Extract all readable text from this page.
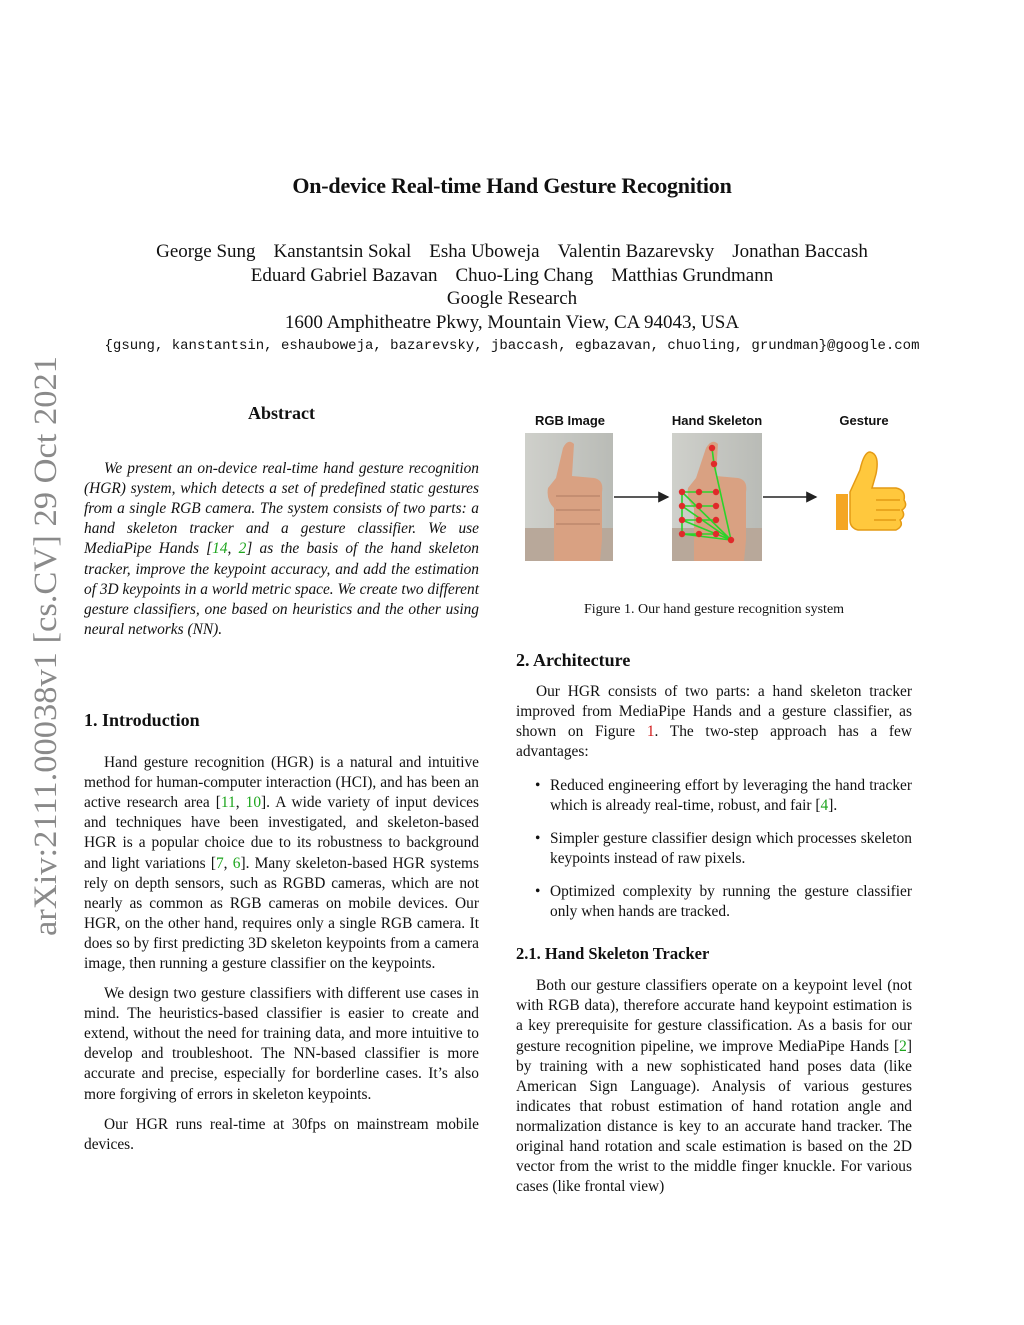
arXiv:2111.00038v1 [cs.CV] 29 Oct 2021
On-device Real-time Hand Gesture Recognition
George Sung Kanstantsin Sokal Esha Uboweja Valentin Bazarevsky Jonathan Baccash
Eduard Gabriel Bazavan Chuo-Ling Chang Matthias Grundmann
Google Research
1600 Amphitheatre Pkwy, Mountain View, CA 94043, USA
{gsung, kanstantsin, eshauboweja, bazarevsky, jbaccash, egbazavan, chuoling, grundman}@google.com
Abstract

We present an on-device real-time hand gesture recognition (HGR) system, which detects a set of predefined static gestures from a single RGB camera. The system consists of two parts: a hand skeleton tracker and a gesture classifier. We use MediaPipe Hands [14, 2] as the basis of the hand skeleton tracker, improve the keypoint accuracy, and add the estimation of 3D keypoints in a world metric space. We create two different gesture classifiers, one based on heuristics and the other using neural networks (NN).

1. Introduction

Hand gesture recognition (HGR) is a natural and intuitive method for human-computer interaction (HCI), and has been an active research area [11, 10]. A wide variety of input devices and techniques have been investigated, and skeleton-based HGR is a popular choice due to its robustness to background and light variations [7, 6]. Many skeleton-based HGR systems rely on depth sensors, such as RGBD cameras, which are not nearly as common as RGB cameras on mobile devices. Our HGR, on the other hand, requires only a single RGB camera. It does so by first predicting 3D skeleton keypoints from a camera image, then running a gesture classifier on the keypoints.

We design two gesture classifiers with different use cases in mind. The heuristics-based classifier is easier to create and extend, without the need for training data, and more intuitive to develop and troubleshoot. The NN-based classifier is more accurate and precise, especially for borderline cases. It’s also more forgiving of errors in skeleton keypoints.

Our HGR runs real-time at 30fps on mainstream mobile devices.

RGB Image	Hand Skeleton	Gesture

Figure 1. Our hand gesture recognition system

2. Architecture

Our HGR consists of two parts: a hand skeleton tracker improved from MediaPipe Hands and a gesture classifier, as shown on Figure 1. The two-step approach has a few advantages:

• Reduced engineering effort by leveraging the hand tracker which is already real-time, robust, and fair [4].
• Simpler gesture classifier design which processes skeleton keypoints instead of raw pixels.
• Optimized complexity by running the gesture classifier only when hands are tracked.
2.1. Hand Skeleton Tracker

Both our gesture classifiers operate on a keypoint level (not with RGB data), therefore accurate hand keypoint estimation is a key prerequisite for gesture classification. As a basis for our gesture recognition pipeline, we improve MediaPipe Hands [2] by training with a new sophisticated hand poses data (like American Sign Language). Analysis of various gestures indicates that robust estimation of hand rotation angle and normalization distance is key to an accurate hand tracker. The original hand rotation and scale estimation is based on the 2D vector from the wrist to the middle finger knuckle. For various cases (like frontal view)
